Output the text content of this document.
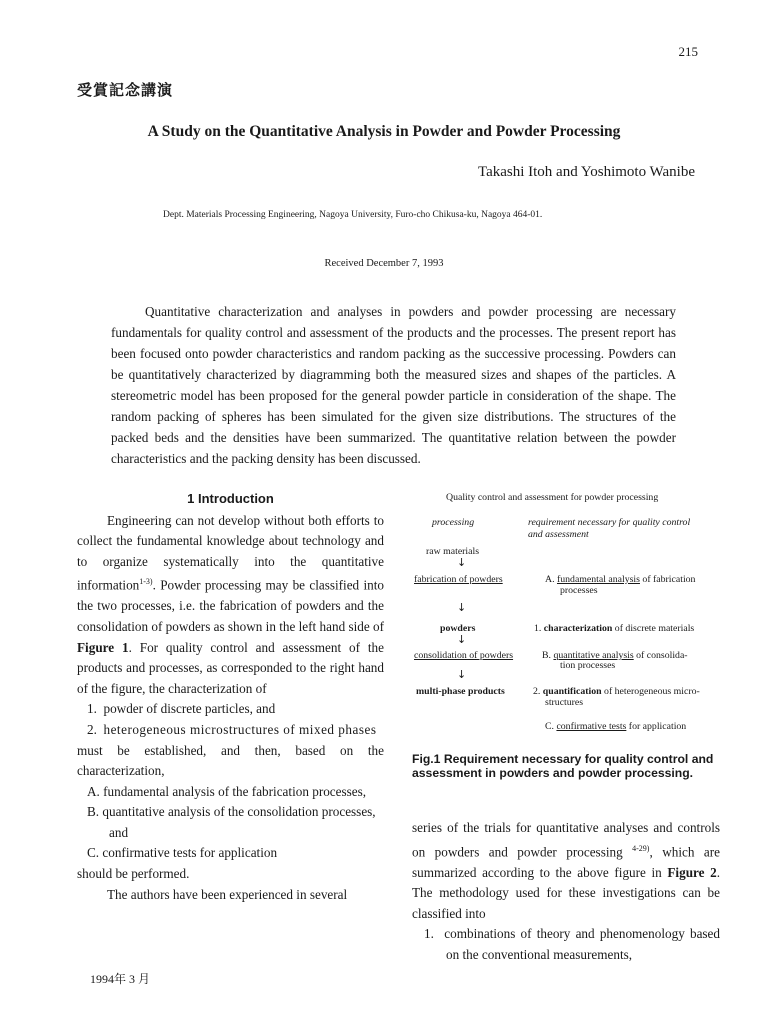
215
受賞記念講演
A Study on the Quantitative Analysis in Powder and Powder Processing
Takashi Itoh and Yoshimoto Wanibe
Dept. Materials Processing Engineering, Nagoya University, Furo-cho Chikusa-ku, Nagoya 464-01.
Received December 7, 1993
Quantitative characterization and analyses in powders and powder processing are necessary fundamentals for quality control and assessment of the products and the processes. The present report has been focused onto powder characteristics and random packing as the successive processing. Powders can be quantitatively characterized by diagramming both the measured sizes and shapes of the particles. A stereometric model has been proposed for the general powder particle in consideration of the shape. The random packing of spheres has been simulated for the given size distributions. The structures of the packed beds and the densities have been summarized. The quantitative relation between the powder characteristics and the packing density has been discussed.
1 Introduction

Engineering can not develop without both efforts to collect the fundamental knowledge about technology and to organize systematically into the quantitative information$^{1-3)}$. Powder processing may be classified into the two processes, i.e. the fabrication of powders and the consolidation of powders as shown in the left hand side of Figure 1. For quality control and assessment of the products and processes, as corresponded to the right hand of the figure, the characterization of

1. powder of discrete particles, and

2. heterogeneous microstructures of mixed phases

must be established, and then, based on the characterization,

A. fundamental analysis of the fabrication processes,

B. quantitative analysis of the consolidation processes, and

C. confirmative tests for application

should be performed.

The authors have been experienced in several

Quality control and assessment for powder processing
processing	requirement necessary for quality control
and assessment
raw materials
↓
fabrication of powders	A. fundamental analysis of fabrication
processes
↓
powders	1. characterization of discrete materials
↓
consolidation of powders	B. quantitative analysis of consolida-
tion processes
↓
multi-phase products	2. quantification of heterogeneous micro-
structures
C. confirmative tests for application
Fig.1 Requirement necessary for quality control and assessment in powders and powder processing.

series of the trials for quantitative analyses and controls on powders and powder processing $^{4-29)}$, which are summarized according to the above figure in Figure 2. The methodology used for these investigations can be classified into

1. combinations of theory and phenomenology based on the conventional measurements,

1994年 3 月
